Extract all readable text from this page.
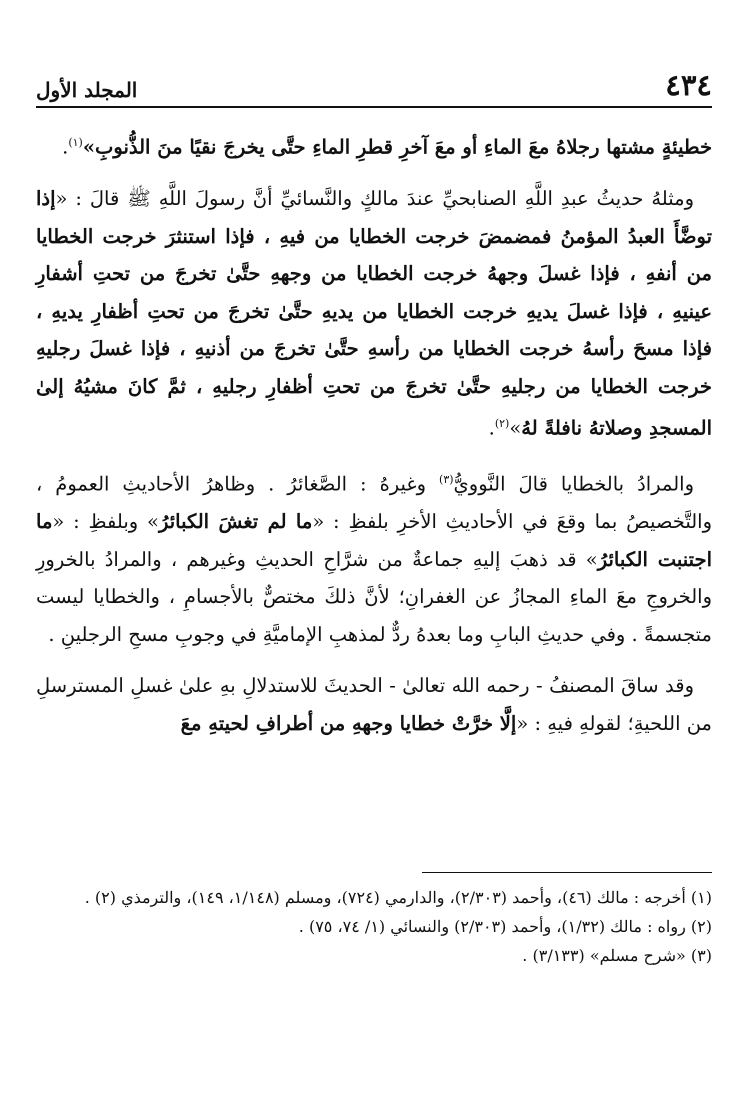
٤٣٤
المجلد الأول

خطيئةٍ مشتها رجلاهُ معَ الماءِ أو معَ آخرِ قطرِ الماءِ حتَّى يخرجَ نقيًا منَ الذُّنوبِ»$^{(١)}$.

ومثلهُ حديثُ عبدِ اللَّهِ الصنابحيِّ عندَ مالكٍ والنَّسائيِّ أنَّ رسولَ اللَّهِ ﷺ قالَ : «إذا توضَّأَ العبدُ المؤمنُ فمضمضَ خرجت الخطايا من فيهِ ، فإذا استنثرَ خرجت الخطايا من أنفهِ ، فإذا غسلَ وجههُ خرجت الخطايا من وجههِ حتَّىٰ تخرجَ من تحتِ أشفارِ عينيهِ ، فإذا غسلَ يديهِ خرجت الخطايا من يديهِ حتَّىٰ تخرجَ من تحتِ أظفارِ يديهِ ، فإذا مسحَ رأسهُ خرجت الخطايا من رأسهِ حتَّىٰ تخرجَ من أذنيهِ ، فإذا غسلَ رجليهِ خرجت الخطايا من رجليهِ حتَّىٰ تخرجَ من تحتِ أظفارِ رجليهِ ، ثمَّ كانَ مشيُهُ إلىٰ المسجدِ وصلاتهُ نافلةً لهُ»$^{(٢)}$.

والمرادُ بالخطايا قالَ النَّوويُّ$^{(٣)}$ وغيرهُ : الصَّغائرُ . وظاهرُ الأحاديثِ العمومُ ، والتَّخصيصُ بما وقعَ في الأحاديثِ الأخرِ بلفظِ : «ما لم تغشَ الكبائرُ» وبلفظِ : «ما اجتنبت الكبائرُ» قد ذهبَ إليهِ جماعةٌ من شرَّاحِ الحديثِ وغيرهم ، والمرادُ بالخرورِ والخروجِ معَ الماءِ المجازُ عن الغفرانِ؛ لأنَّ ذلكَ مختصٌّ بالأجسامِ ، والخطايا ليست متجسمةً . وفي حديثِ البابِ وما بعدهُ ردٌّ لمذهبِ الإماميَّةِ في وجوبِ مسحِ الرجلينِ .

وقد ساقَ المصنفُ - رحمه الله تعالىٰ - الحديثَ للاستدلالِ بهِ علىٰ غسلِ المسترسلِ من اللحيةِ؛ لقولهِ فيهِ : «إلَّا خرَّتْ خطايا وجههِ من أطرافِ لحيتهِ معَ

(١) أخرجه : مالك (٤٦)، وأحمد (٢/٣٠٣)، والدارمي (٧٢٤)، ومسلم (١/١٤٨، ١٤٩)، والترمذي (٢) .

(٢) رواه : مالك (١/٣٢)، وأحمد (٢/٣٠٣) والنسائي (١/ ٧٤، ٧٥) .

(٣) «شرح مسلم» (٣/١٣٣) .
